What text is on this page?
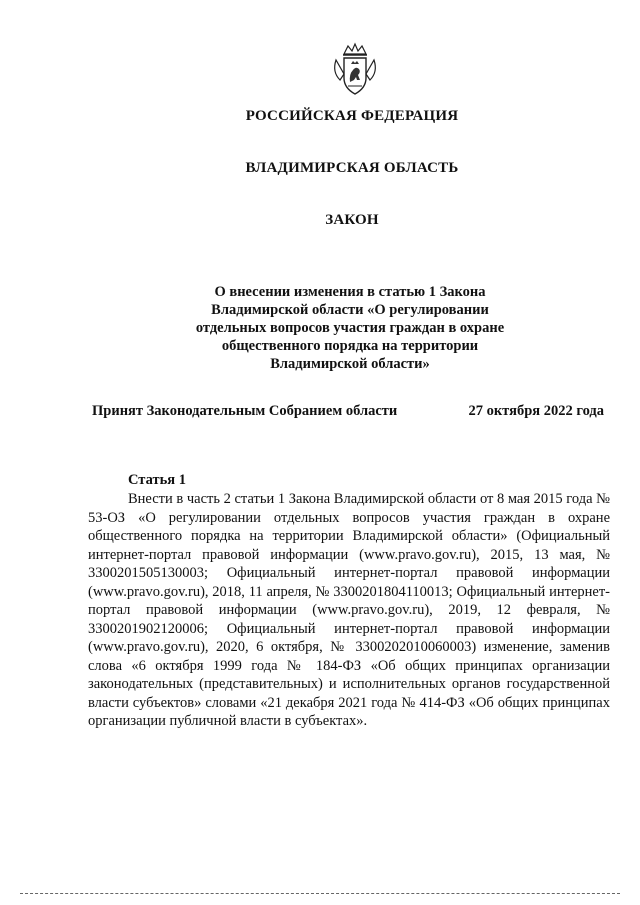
РОССИЙСКАЯ ФЕДЕРАЦИЯ
ВЛАДИМИРСКАЯ ОБЛАСТЬ
ЗАКОН
О внесении изменения в статью 1 Закона
Владимирской области «О регулировании
отдельных вопросов участия граждан в охране
общественного порядка на территории
Владимирской области»
Принят Законодательным Собранием области	27 октября 2022 года
Статья 1
Внести в часть 2 статьи 1 Закона Владимирской области от 8 мая 2015 года № 53-ОЗ «О регулировании отдельных вопросов участия граждан в охране общественного порядка на территории Владимирской области» (Официальный интернет-портал правовой информации (www.pravo.gov.ru), 2015, 13 мая, № 3300201505130003; Официальный интернет-портал правовой информации (www.pravo.gov.ru), 2018, 11 апреля, № 3300201804110013; Официальный интернет-портал правовой информации (www.pravo.gov.ru), 2019, 12 февраля, № 3300201902120006; Официальный интернет-портал правовой информации (www.pravo.gov.ru), 2020, 6 октября, № 3300202010060003) изменение, заменив слова «6 октября 1999 года № 184-ФЗ «Об общих принципах организации законодательных (представительных) и исполнительных органов государственной власти субъектов» словами «21 декабря 2021 года № 414-ФЗ «Об общих принципах организации публичной власти в субъектах».
